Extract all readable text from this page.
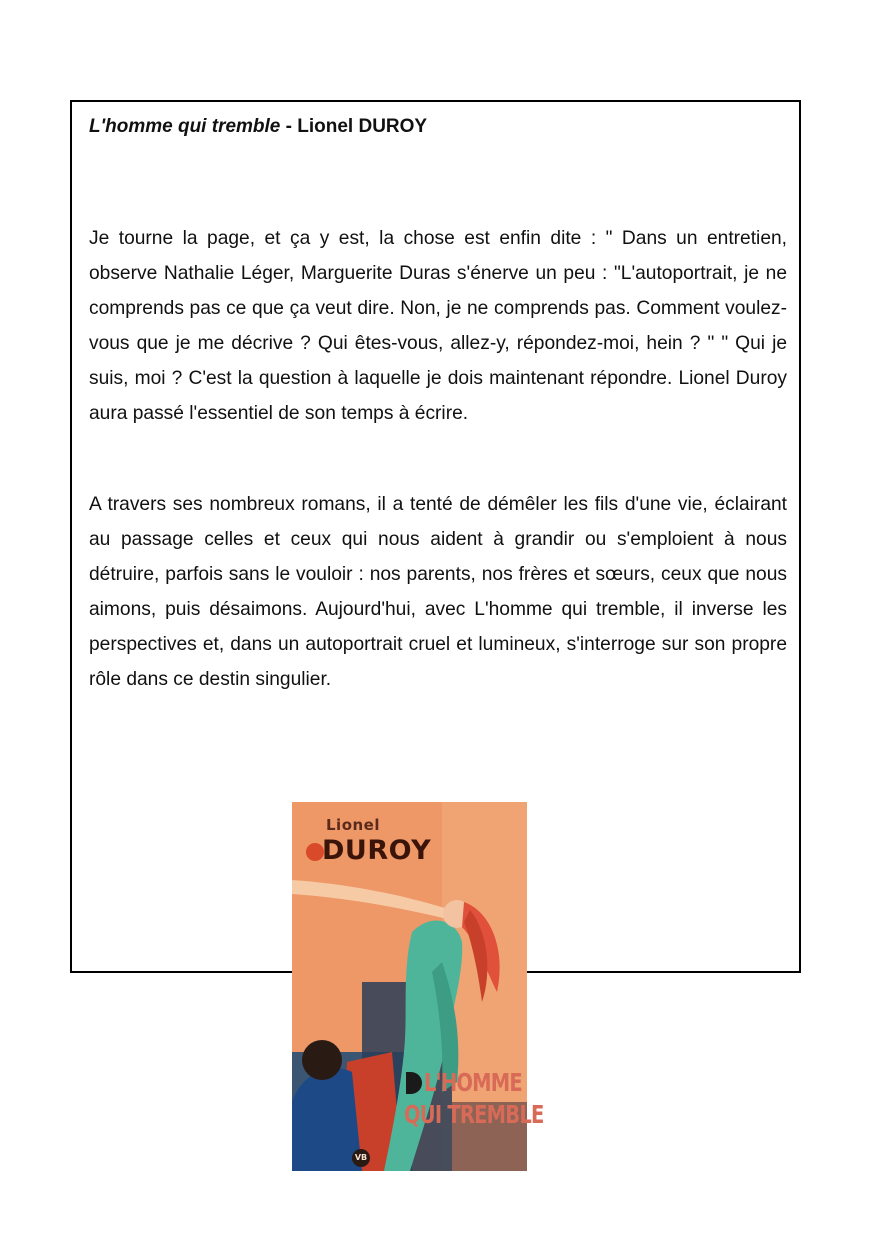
L'homme qui tremble - Lionel DUROY

Je tourne la page, et ça y est, la chose est enfin dite : " Dans un entretien, observe Nathalie Léger, Marguerite Duras s'énerve un peu : "L'autoportrait, je ne comprends pas ce que ça veut dire. Non, je ne comprends pas. Comment voulez-vous que je me décrive ? Qui êtes-vous, allez-y, répondez-moi, hein ? " " Qui je suis, moi ? C'est la question à laquelle je dois maintenant répondre. Lionel Duroy aura passé l'essentiel de son temps à écrire.

A travers ses nombreux romans, il a tenté de démêler les fils d'une vie, éclairant au passage celles et ceux qui nous aident à grandir ou s'emploient à nous détruire, parfois sans le vouloir : nos parents, nos frères et sœurs, ceux que nous aimons, puis désaimons. Aujourd'hui, avec L'homme qui tremble, il inverse les perspectives et, dans un autoportrait cruel et lumineux, s'interroge sur son propre rôle dans ce destin singulier.

Lionel
DUROY
L'HOMME
QUI TREMBLE
VB
